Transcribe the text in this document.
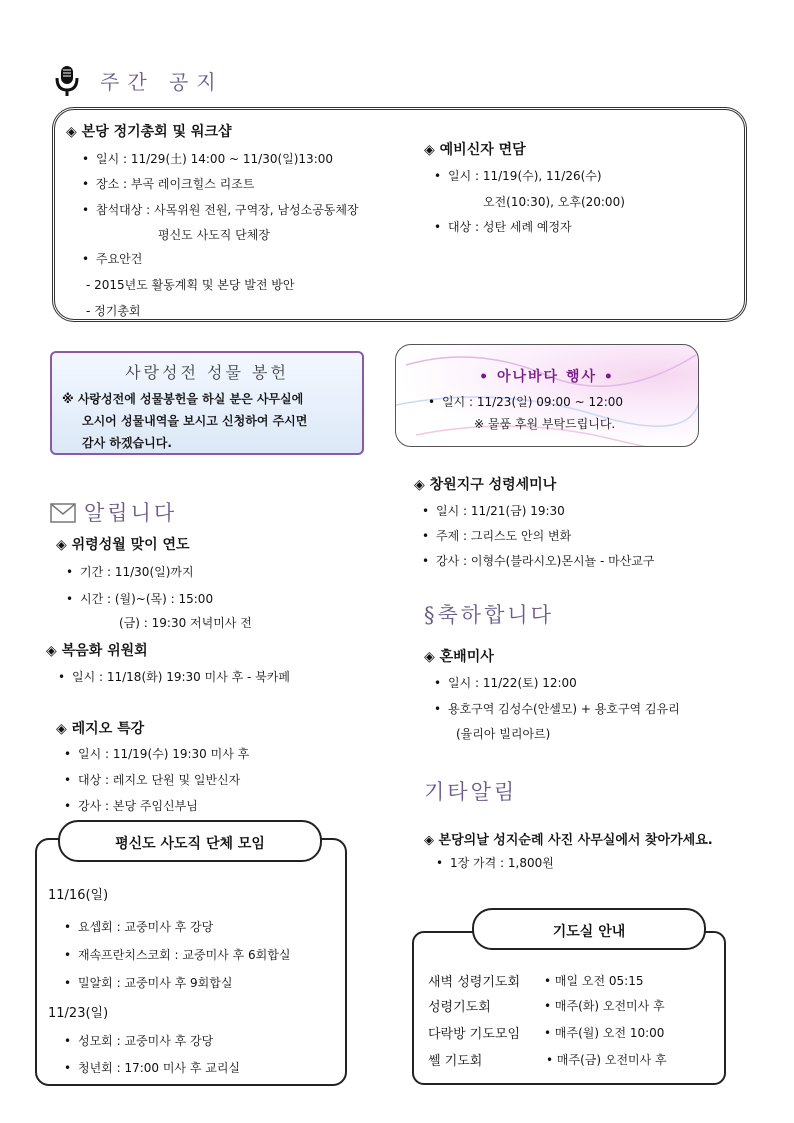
주간 공지
◈ 본당 정기총회 및 워크샵
• 일시 : 11/29(土) 14:00 ~ 11/30(일)13:00
• 장소 : 부곡 레이크힐스 리조트
• 참석대상 : 사목위원 전원, 구역장, 남성소공동체장
평신도 사도직 단체장
• 주요안건
- 2015년도 활동계획 및 본당 발전 방안
- 정기총회
◈ 예비신자 면담
• 일시 : 11/19(수), 11/26(수)
오전(10:30), 오후(20:00)
• 대상 : 성탄 세례 예정자
사랑성전 성물 봉헌
※ 사랑성전에 성물봉헌을 하실 분은 사무실에
오시어 성물내역을 보시고 신청하여 주시면
감사 하겠습니다.
• 아나바다 행사 •
• 일시 : 11/23(일) 09:00 ~ 12:00
※ 물품 후원 부탁드립니다.
알립니다
◈ 위령성월 맞이 연도
• 기간 : 11/30(일)까지
• 시간 : (월)~(목) : 15:00
(금) : 19:30 저녁미사 전
◈ 복음화 위원회
• 일시 : 11/18(화) 19:30 미사 후 - 북카페
◈ 레지오 특강
• 일시 : 11/19(수) 19:30 미사 후
• 대상 : 레지오 단원 및 일반신자
• 강사 : 본당 주임신부님
평신도 사도직 단체 모임
11/16(일)
• 요셉회 : 교중미사 후 강당
• 재속프란치스코회 : 교중미사 후 6회합실
• 밀알회 : 교중미사 후 9회합실
11/23(일)
• 성모회 : 교중미사 후 강당
• 청년회 : 17:00 미사 후 교리실
◈ 창원지구 성령세미나
• 일시 : 11/21(금) 19:30
• 주제 : 그리스도 안의 변화
• 강사 : 이형수(블라시오)몬시뇰 - 마산교구
§축하합니다
◈ 혼배미사
• 일시 : 11/22(토) 12:00
• 용호구역 김성수(안셀모) + 용호구역 김유리
(율리아 빌리아르)
기타알림
◈ 본당의날 성지순례 사진 사무실에서 찾아가세요.
• 1장 가격 : 1,800원
기도실 안내
새벽 성령기도회 • 매일 오전 05:15
성령기도회	• 매주(화) 오전미사 후
다락방 기도모임 • 매주(월) 오전 10:00
쎌 기도회	• 매주(금) 오전미사 후
